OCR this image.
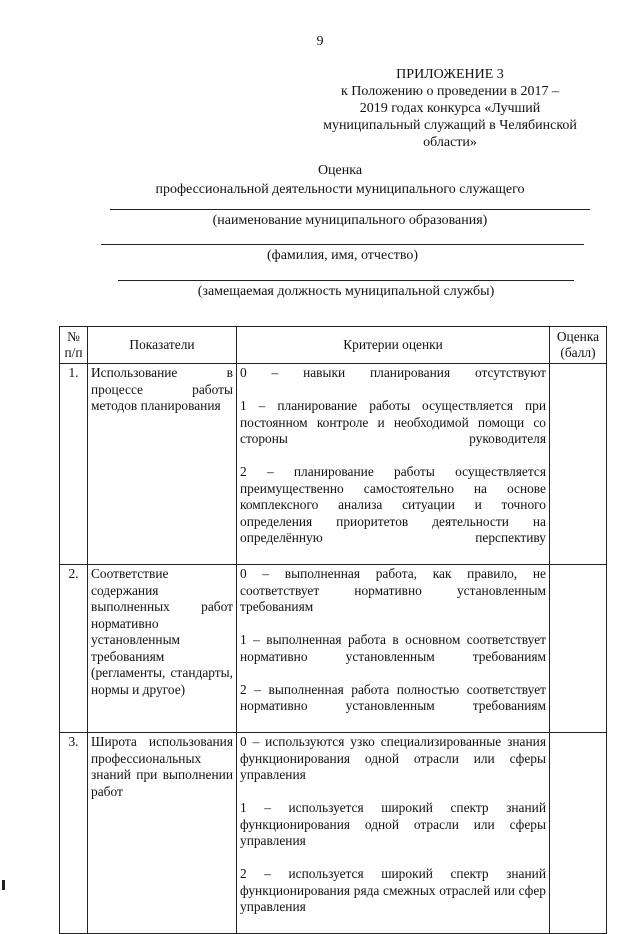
9
ПРИЛОЖЕНИЕ 3
к Положению о проведении в 2017 –
2019 годах конкурса «Лучший
муниципальный служащий в Челябинской
области»
Оценка
профессиональной деятельности муниципального служащего
(наименование муниципального образования)
(фамилия, имя, отчество)
(замещаемая должность муниципальной службы)
№ п/п	Показатели	Критерии оценки	Оценка (балл)
1.	Использование в процессе работы методов планирования	0 – навыки планирования отсутствуют
1 – планирование работы осуществляется при постоянном контроле и необходимой помощи со стороны руководителя
2 – планирование работы осуществляется преимущественно самостоятельно на основе комплексного анализа ситуации и точного определения приоритетов деятельности на определённую перспективу	

2.	Соответствие содержания выполненных работ нормативно установленным требованиям (регламенты, стандарты, нормы и другое)	0 – выполненная работа, как правило, не соответствует нормативно установленным требованиям
1 – выполненная работа в основном соответствует нормативно установленным требованиям
2 – выполненная работа полностью соответствует нормативно установленным требованиям	

3.	Широта использования профессиональных знаний при выполнении работ	0 – используются узко специализированные знания функционирования одной отрасли или сферы управления
1 – используется широкий спектр знаний функционирования одной отрасли или сферы управления
2 – используется широкий спектр знаний функционирования ряда смежных отраслей или сфер управления	
